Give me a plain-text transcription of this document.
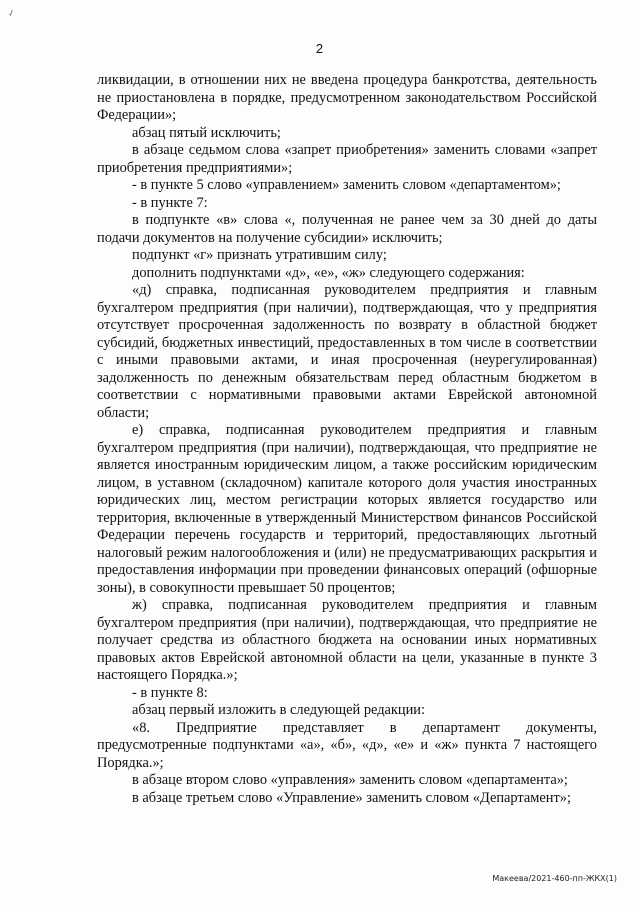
✓
2

ликвидации, в отношении них не введена процедура банкротства, деятельность не приостановлена в порядке, предусмотренном законодательством Российской Федерации»;

абзац пятый исключить;

в абзаце седьмом слова «запрет приобретения» заменить словами «запрет приобретения предприятиями»;

- в пункте 5 слово «управлением» заменить словом «департаментом»;

- в пункте 7:

в подпункте «в» слова «, полученная не ранее чем за 30 дней до даты подачи документов на получение субсидии» исключить;

подпункт «г» признать утратившим силу;

дополнить подпунктами «д», «е», «ж» следующего содержания:

«д) справка, подписанная руководителем предприятия и главным бухгалтером предприятия (при наличии), подтверждающая, что у предприятия отсутствует просроченная задолженность по возврату в областной бюджет субсидий, бюджетных инвестиций, предоставленных в том числе в соответствии с иными правовыми актами, и иная просроченная (неурегулированная) задолженность по денежным обязательствам перед областным бюджетом в соответствии с нормативными правовыми актами Еврейской автономной области;

е) справка, подписанная руководителем предприятия и главным бухгалтером предприятия (при наличии), подтверждающая, что предприятие не является иностранным юридическим лицом, а также российским юридическим лицом, в уставном (складочном) капитале которого доля участия иностранных юридических лиц, местом регистрации которых является государство или территория, включенные в утвержденный Министерством финансов Российской Федерации перечень государств и территорий, предоставляющих льготный налоговый режим налогообложения и (или) не предусматривающих раскрытия и предоставления информации при проведении финансовых операций (офшорные зоны), в совокупности превышает 50 процентов;

ж) справка, подписанная руководителем предприятия и главным бухгалтером предприятия (при наличии), подтверждающая, что предприятие не получает средства из областного бюджета на основании иных нормативных правовых актов Еврейской автономной области на цели, указанные в пункте 3 настоящего Порядка.»;

- в пункте 8:

абзац первый изложить в следующей редакции:

«8. Предприятие представляет в департамент документы, предусмотренные подпунктами «а», «б», «д», «е» и «ж» пункта 7 настоящего Порядка.»;

в абзаце втором слово «управления» заменить словом «департамента»;

в абзаце третьем слово «Управление» заменить словом «Департамент»;

Макеева/2021-460-пп-ЖКХ(1)
